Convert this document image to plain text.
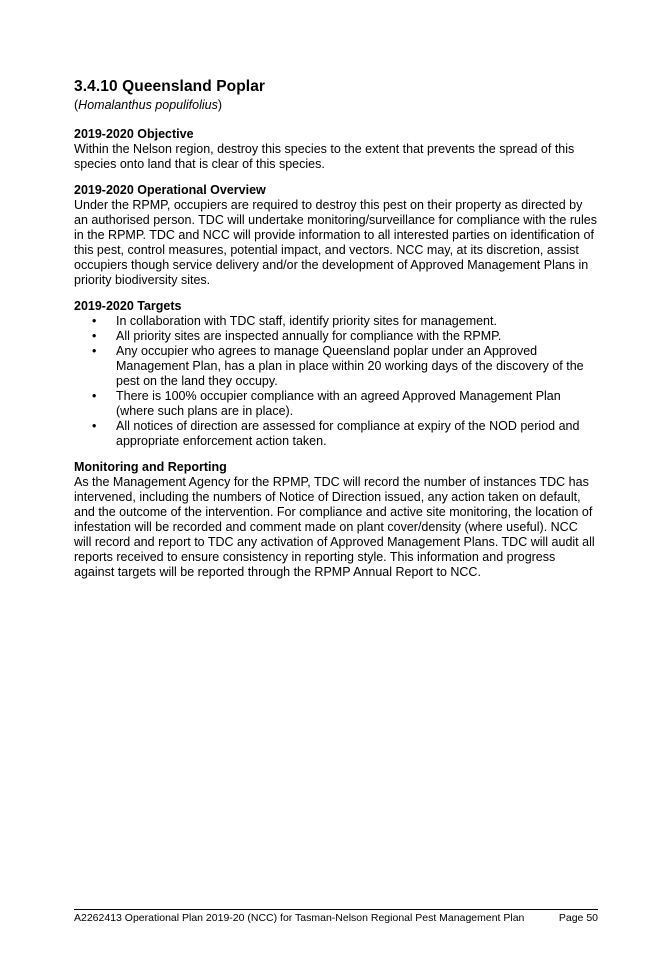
3.4.10 Queensland Poplar

(Homalanthus populifolius)

2019-2020 Objective

Within the Nelson region, destroy this species to the extent that prevents the spread of this species onto land that is clear of this species.

2019-2020 Operational Overview

Under the RPMP, occupiers are required to destroy this pest on their property as directed by an authorised person. TDC will undertake monitoring/surveillance for compliance with the rules in the RPMP. TDC and NCC will provide information to all interested parties on identification of this pest, control measures, potential impact, and vectors. NCC may, at its discretion, assist occupiers though service delivery and/or the development of Approved Management Plans in priority biodiversity sites.

2019-2020 Targets
• In collaboration with TDC staff, identify priority sites for management.
• All priority sites are inspected annually for compliance with the RPMP.
• Any occupier who agrees to manage Queensland poplar under an Approved Management Plan, has a plan in place within 20 working days of the discovery of the pest on the land they occupy.
• There is 100% occupier compliance with an agreed Approved Management Plan (where such plans are in place).
• All notices of direction are assessed for compliance at expiry of the NOD period and appropriate enforcement action taken.
Monitoring and Reporting

As the Management Agency for the RPMP, TDC will record the number of instances TDC has intervened, including the numbers of Notice of Direction issued, any action taken on default, and the outcome of the intervention. For compliance and active site monitoring, the location of infestation will be recorded and comment made on plant cover/density (where useful). NCC will record and report to TDC any activation of Approved Management Plans. TDC will audit all reports received to ensure consistency in reporting style. This information and progress against targets will be reported through the RPMP Annual Report to NCC.

A2262413 Operational Plan 2019-20 (NCC) for Tasman-Nelson Regional Pest Management Plan	Page 50
